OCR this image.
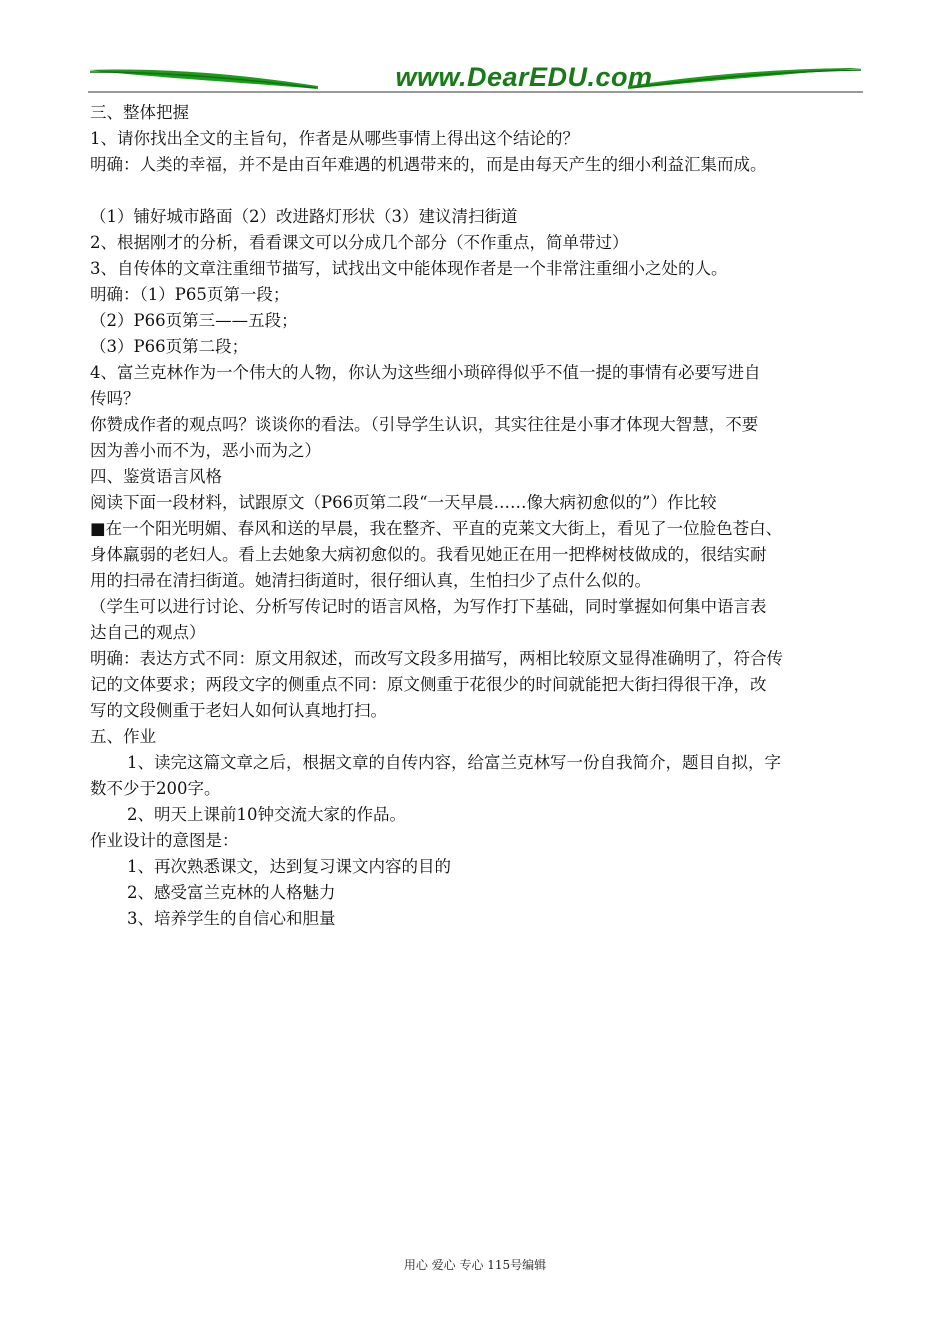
www.DearEDU.com
三、整体把握
1、请你找出全文的主旨句，作者是从哪些事情上得出这个结论的？
明确：人类的幸福，并不是由百年难遇的机遇带来的，而是由每天产生的细小利益汇集而成。
（1）铺好城市路面（2）改进路灯形状（3）建议清扫街道
2、根据刚才的分析，看看课文可以分成几个部分（不作重点，简单带过）
3、自传体的文章注重细节描写，试找出文中能体现作者是一个非常注重细小之处的人。
明确：（1）P65页第一段；
（2）P66页第三——五段；
（3）P66页第二段；
4、富兰克林作为一个伟大的人物，你认为这些细小琐碎得似乎不值一提的事情有必要写进自
传吗？
你赞成作者的观点吗？谈谈你的看法。（引导学生认识，其实往往是小事才体现大智慧，不要
因为善小而不为，恶小而为之）
四、鉴赏语言风格
阅读下面一段材料，试跟原文（P66页第二段“一天早晨……像大病初愈似的”）作比较
■在一个阳光明媚、春风和送的早晨，我在整齐、平直的克莱文大街上，看见了一位脸色苍白、
身体羸弱的老妇人。看上去她象大病初愈似的。我看见她正在用一把桦树枝做成的，很结实耐
用的扫帚在清扫街道。她清扫街道时，很仔细认真，生怕扫少了点什么似的。
（学生可以进行讨论、分析写传记时的语言风格，为写作打下基础，同时掌握如何集中语言表
达自己的观点）
明确：表达方式不同：原文用叙述，而改写文段多用描写，两相比较原文显得准确明了，符合传
记的文体要求；两段文字的侧重点不同：原文侧重于花很少的时间就能把大街扫得很干净，改
写的文段侧重于老妇人如何认真地打扫。
五、作业
1、读完这篇文章之后，根据文章的自传内容，给富兰克林写一份自我简介，题目自拟，字
数不少于200字。
2、明天上课前10钟交流大家的作品。
作业设计的意图是：
1、再次熟悉课文，达到复习课文内容的目的
2、感受富兰克林的人格魅力
3、培养学生的自信心和胆量
用心 爱心 专心 115号编辑
